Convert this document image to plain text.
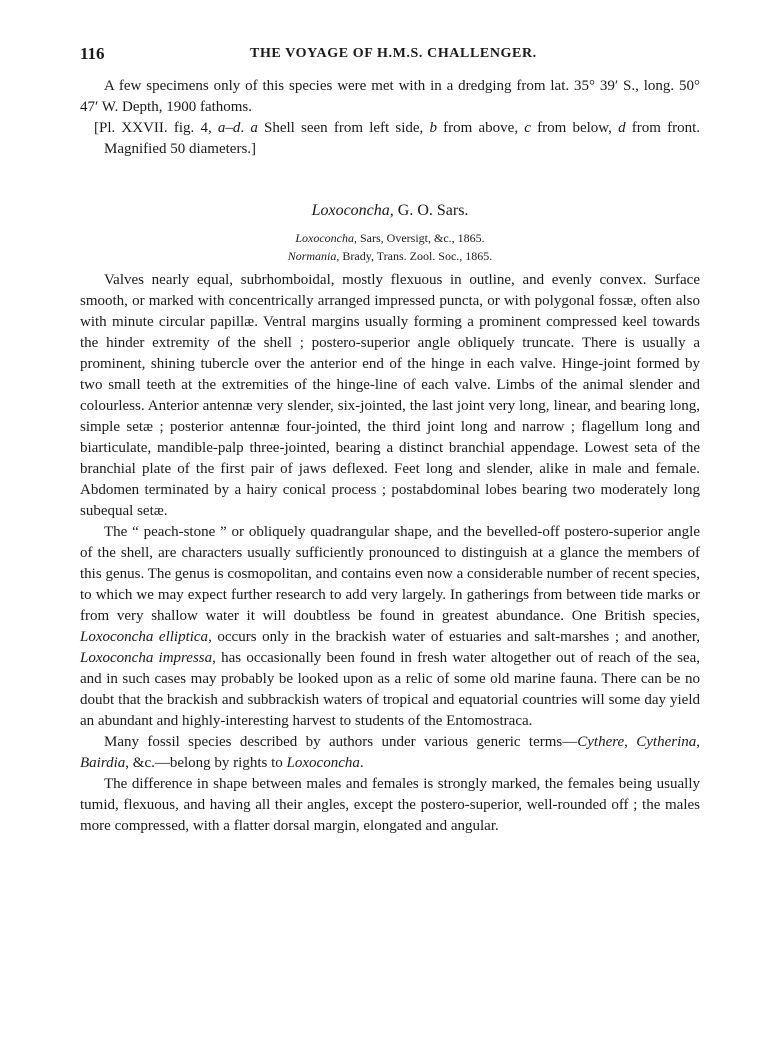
116	THE VOYAGE OF H.M.S. CHALLENGER.

A few specimens only of this species were met with in a dredging from lat. 35° 39′ S., long. 50° 47′ W. Depth, 1900 fathoms.

[Pl. XXVII. fig. 4, a–d. a Shell seen from left side, b from above, c from below, d from front. Magnified 50 diameters.]

Loxoconcha, G. O. Sars.

Loxoconcha, Sars, Oversigt, &c., 1865.

Normania, Brady, Trans. Zool. Soc., 1865.

Valves nearly equal, subrhomboidal, mostly flexuous in outline, and evenly convex. Surface smooth, or marked with concentrically arranged impressed puncta, or with polygonal fossæ, often also with minute circular papillæ. Ventral margins usually forming a prominent compressed keel towards the hinder extremity of the shell ; postero-superior angle obliquely truncate. There is usually a prominent, shining tubercle over the anterior end of the hinge in each valve. Hinge-joint formed by two small teeth at the extremities of the hinge-line of each valve. Limbs of the animal slender and colourless. Anterior antennæ very slender, six-jointed, the last joint very long, linear, and bearing long, simple setæ ; posterior antennæ four-jointed, the third joint long and narrow ; flagellum long and biarticulate, mandible-palp three-jointed, bearing a distinct branchial appendage. Lowest seta of the branchial plate of the first pair of jaws deflexed. Feet long and slender, alike in male and female. Abdomen terminated by a hairy conical process ; postabdominal lobes bearing two moderately long subequal setæ.

The “ peach-stone ” or obliquely quadrangular shape, and the bevelled-off postero-superior angle of the shell, are characters usually sufficiently pronounced to distinguish at a glance the members of this genus. The genus is cosmopolitan, and contains even now a considerable number of recent species, to which we may expect further research to add very largely. In gatherings from between tide marks or from very shallow water it will doubtless be found in greatest abundance. One British species, Loxoconcha elliptica, occurs only in the brackish water of estuaries and salt-marshes ; and another, Loxoconcha impressa, has occasionally been found in fresh water altogether out of reach of the sea, and in such cases may probably be looked upon as a relic of some old marine fauna. There can be no doubt that the brackish and subbrackish waters of tropical and equatorial countries will some day yield an abundant and highly-interesting harvest to students of the Entomostraca.

Many fossil species described by authors under various generic terms—Cythere, Cytherina, Bairdia, &c.—belong by rights to Loxoconcha.

The difference in shape between males and females is strongly marked, the females being usually tumid, flexuous, and having all their angles, except the postero-superior, well-rounded off ; the males more compressed, with a flatter dorsal margin, elongated and angular.
